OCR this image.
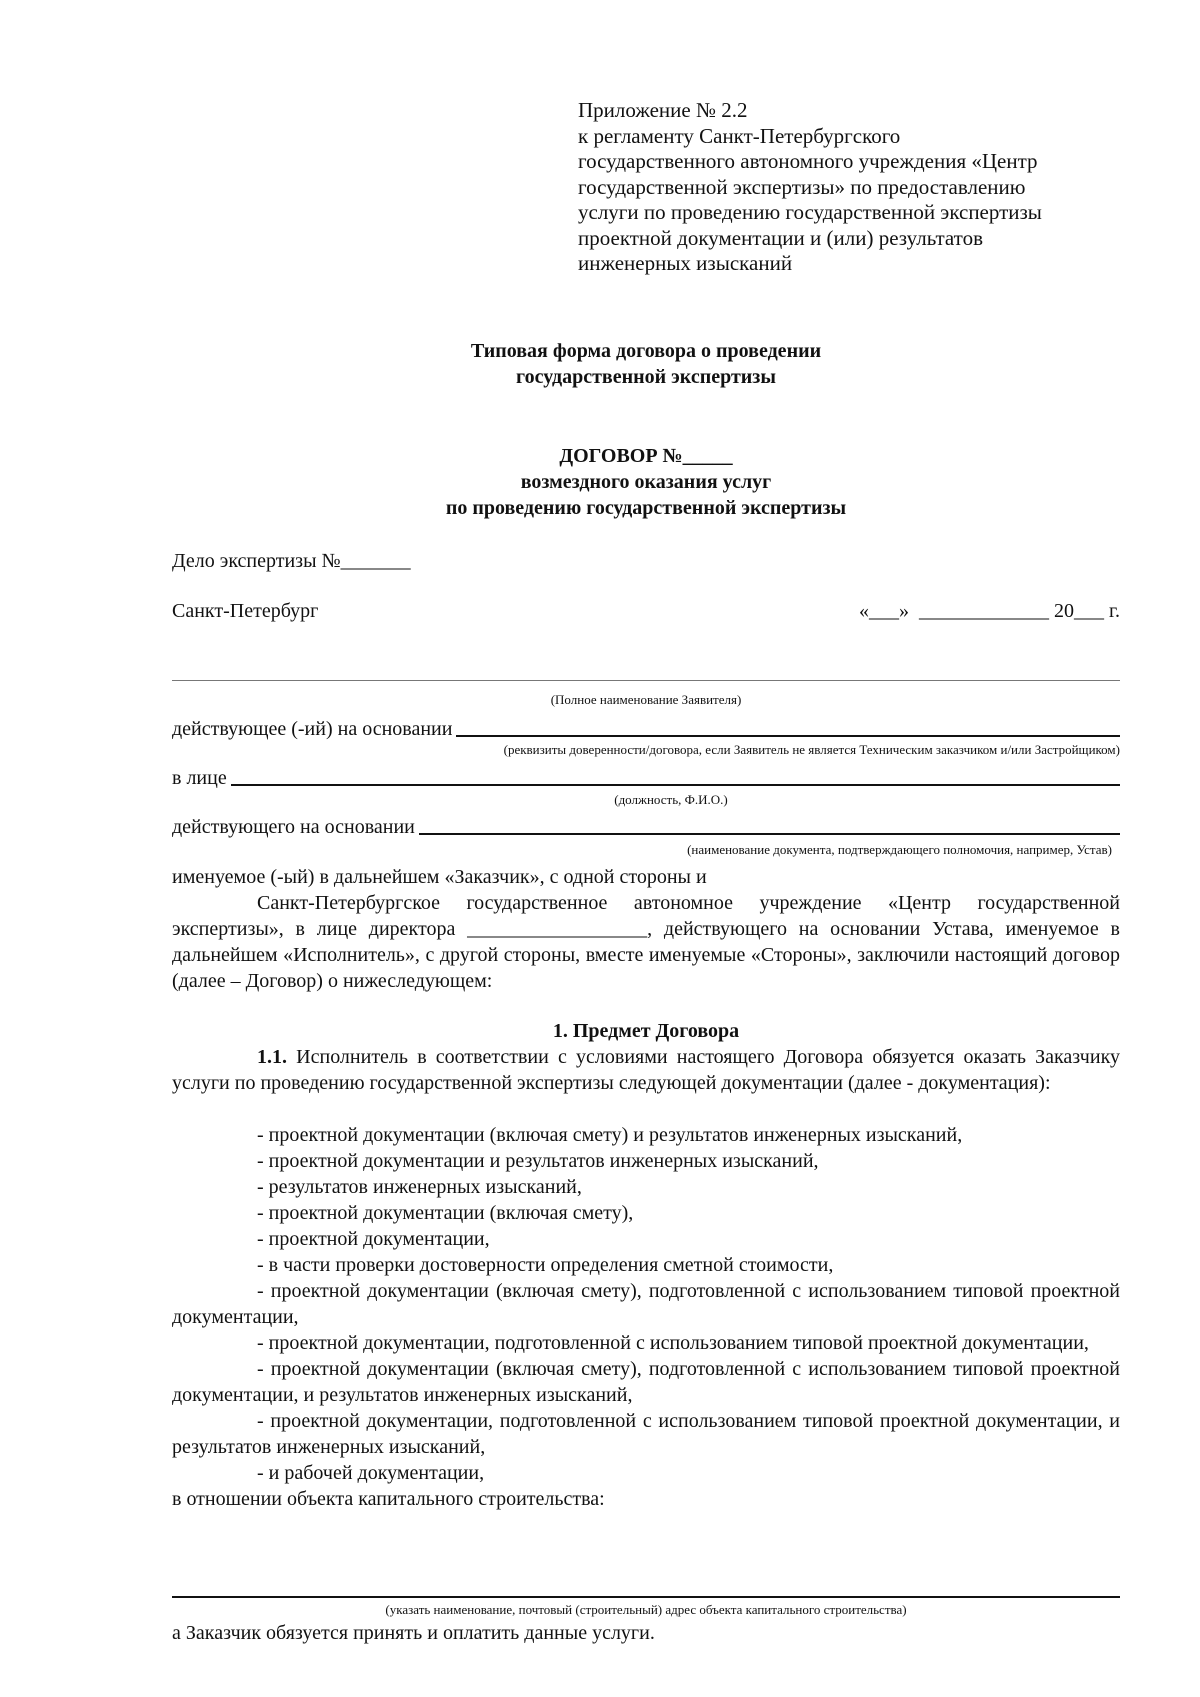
Приложение № 2.2
к регламенту Санкт-Петербургского
государственного автономного учреждения «Центр
государственной экспертизы» по предоставлению
услуги по проведению государственной экспертизы
проектной документации и (или) результатов
инженерных изысканий
Типовая форма договора о проведении
государственной экспертизы
ДОГОВОР №_____
возмездного оказания услуг
по проведению государственной экспертизы
Дело экспертизы №_______
Санкт-Петербург	«___»  _____________ 20___ г.
(Полное наименование Заявителя)
действующее (-ий) на основании
(реквизиты доверенности/договора, если Заявитель не является Техническим заказчиком и/или Застройщиком)
в лице
(должность, Ф.И.О.)
действующего на основании
(наименование документа, подтверждающего полномочия, например, Устав)
именуемое (-ый) в дальнейшем «Заказчик», с одной стороны и
Санкт-Петербургское государственное автономное учреждение «Центр государственной экспертизы», в лице директора __________________, действующего на основании Устава, именуемое в дальнейшем «Исполнитель», с другой стороны, вместе именуемые «Стороны», заключили настоящий договор (далее – Договор) о нижеследующем:
1. Предмет Договора
1.1. Исполнитель в соответствии с условиями настоящего Договора обязуется оказать Заказчику услуги по проведению государственной экспертизы следующей документации (далее - документация):
- проектной документации (включая смету) и результатов инженерных изысканий,
- проектной документации и результатов инженерных изысканий,
- результатов инженерных изысканий,
- проектной документации (включая смету),
- проектной документации,
- в части проверки достоверности определения сметной стоимости,
- проектной документации (включая смету), подготовленной с использованием типовой проектной документации,
- проектной документации, подготовленной с использованием типовой проектной документации,
- проектной документации (включая смету), подготовленной с использованием типовой проектной документации, и результатов инженерных изысканий,
- проектной документации, подготовленной с использованием типовой проектной документации, и результатов инженерных изысканий,
- и рабочей документации,
в отношении объекта капитального строительства:
(указать наименование, почтовый (строительный) адрес объекта капитального строительства)
а Заказчик обязуется принять и оплатить данные услуги.
